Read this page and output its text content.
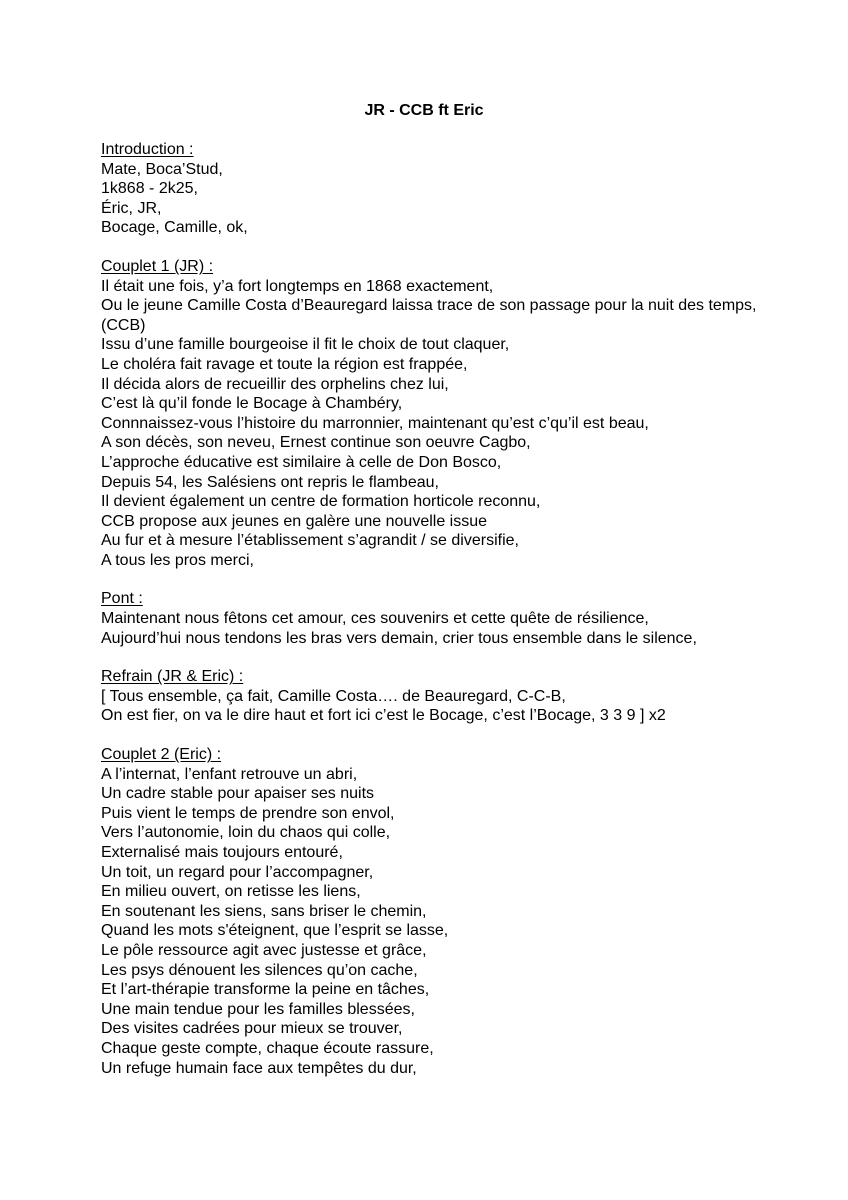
JR - CCB ft Eric
Introduction :
Mate, Boca’Stud,
1k868 - 2k25,
Éric, JR,
Bocage, Camille, ok,
Couplet 1 (JR) :
Il était une fois, y’a fort longtemps en 1868 exactement,
Ou le jeune Camille Costa d’Beauregard laissa trace de son passage pour la nuit des temps, (CCB)
Issu d’une famille bourgeoise il fit le choix de tout claquer,
Le choléra fait ravage et toute la région est frappée,
Il décida alors de recueillir des orphelins chez lui,
C’est là qu’il fonde le Bocage à Chambéry,
Connnaissez-vous l’histoire du marronnier, maintenant qu’est c’qu’il est beau,
A son décès, son neveu, Ernest continue son oeuvre Cagbo,
L’approche éducative est similaire à celle de Don Bosco,
Depuis 54, les Salésiens ont repris le flambeau,
Il devient également un centre de formation horticole reconnu,
CCB propose aux jeunes en galère une nouvelle issue
Au fur et à mesure l’établissement s’agrandit / se diversifie,
A tous les pros merci,
Pont :
Maintenant nous fêtons cet amour, ces souvenirs et cette quête de résilience,
Aujourd’hui nous tendons les bras vers demain, crier tous ensemble dans le silence,
Refrain (JR & Eric) :
[ Tous ensemble, ça fait, Camille Costa…. de Beauregard, C-C-B,
On est fier, on va le dire haut et fort ici c’est le Bocage, c’est l’Bocage, 3 3 9 ] x2
Couplet 2 (Eric) :
A l’internat, l’enfant retrouve un abri,
Un cadre stable pour apaiser ses nuits
Puis vient le temps de prendre son envol,
Vers l’autonomie, loin du chaos qui colle,
Externalisé mais toujours entouré,
Un toit, un regard pour l’accompagner,
En milieu ouvert, on retisse les liens,
En soutenant les siens, sans briser le chemin,
Quand les mots s'éteignent, que l’esprit se lasse,
Le pôle ressource agit avec justesse et grâce,
Les psys dénouent les silences qu’on cache,
Et l’art-thérapie transforme la peine en tâches,
Une main tendue pour les familles blessées,
Des visites cadrées pour mieux se trouver,
Chaque geste compte, chaque écoute rassure,
Un refuge humain face aux tempêtes du dur,
